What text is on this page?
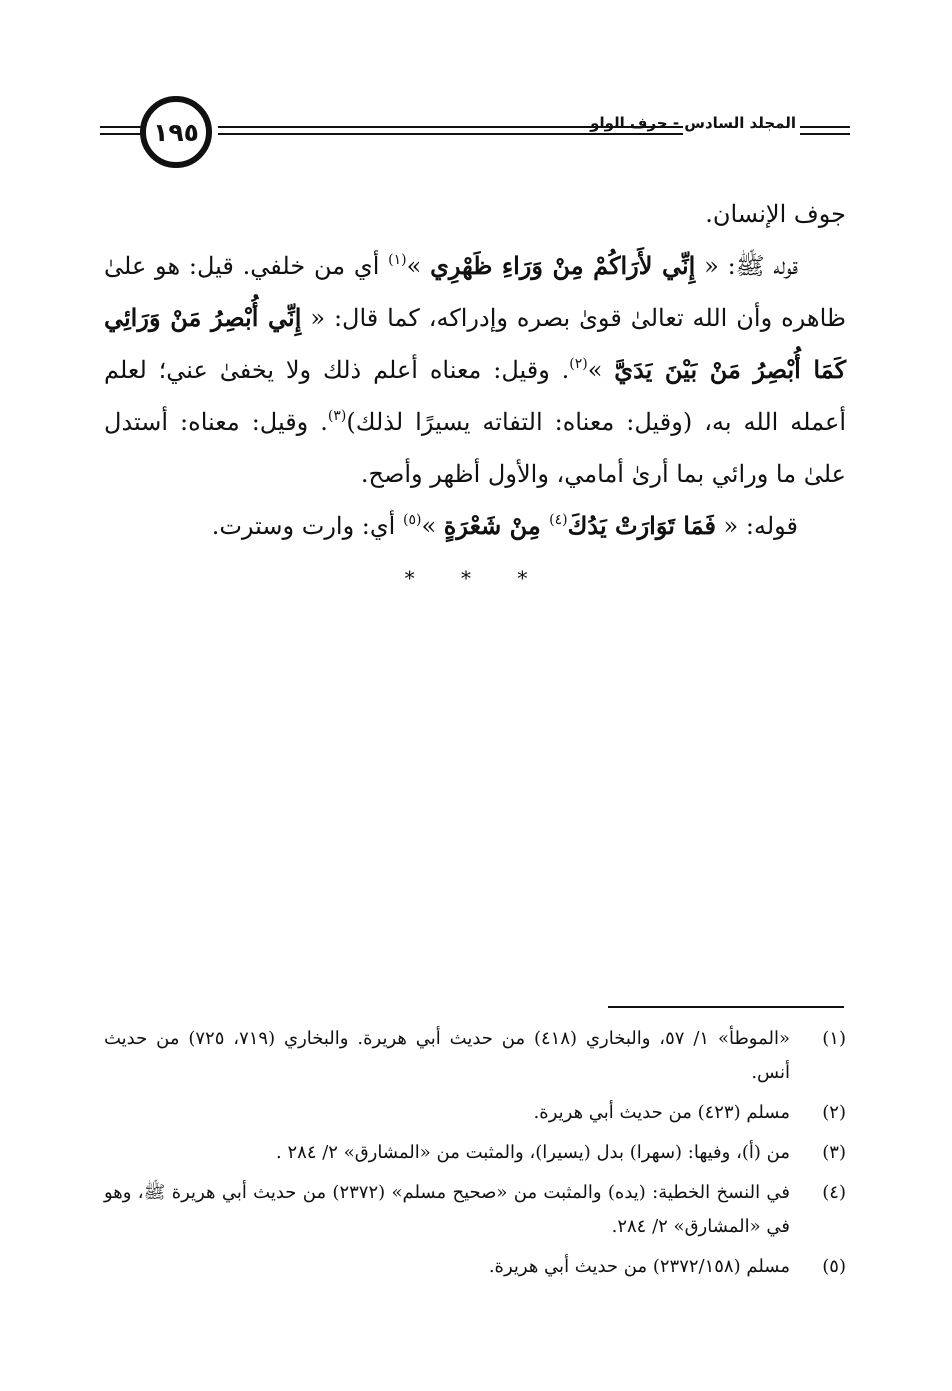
١٩٥	المجلد السادس - حرف الواو

جوف الإنسان.

قوله ﷺ: « إِنِّي لأَرَاكُمْ مِنْ وَرَاءِ ظَهْرِي »$^{(١)}$ أي من خلفي. قيل: هو علىٰ ظاهره وأن الله تعالىٰ قوىٰ بصره وإدراكه، كما قال: « إِنِّي أُبْصِرُ مَنْ وَرَائِي كَمَا أُبْصِرُ مَنْ بَيْنَ يَدَيَّ »$^{(٢)}$. وقيل: معناه أعلم ذلك ولا يخفىٰ عني؛ لعلم أعمله الله به، (وقيل: معناه: التفاته يسيرًا لذلك)$^{(٣)}$. وقيل: معناه: أستدل علىٰ ما ورائي بما أرىٰ أمامي، والأول أظهر وأصح.

قوله: « فَمَا تَوَارَتْ يَدُكَ$^{(٤)}$ مِنْ شَعْرَةٍ »$^{(٥)}$ أي: وارت وسترت.

* * *
(١)
«الموطأ» ١/ ٥٧، والبخاري (٤١٨) من حديث أبي هريرة. والبخاري (٧١٩، ٧٢٥) من حديث أنس.
(٢)
مسلم (٤٢٣) من حديث أبي هريرة.
(٣)
من (أ)، وفيها: (سهرا) بدل (يسيرا)، والمثبت من «المشارق» ٢/ ٢٨٤ .
(٤)
في النسخ الخطية: (يده) والمثبت من «صحيح مسلم» (٢٣٧٢) من حديث أبي هريرة ﷺ، وهو في «المشارق» ٢/ ٢٨٤.
(٥)
مسلم (٢٣٧٢/١٥٨) من حديث أبي هريرة.
